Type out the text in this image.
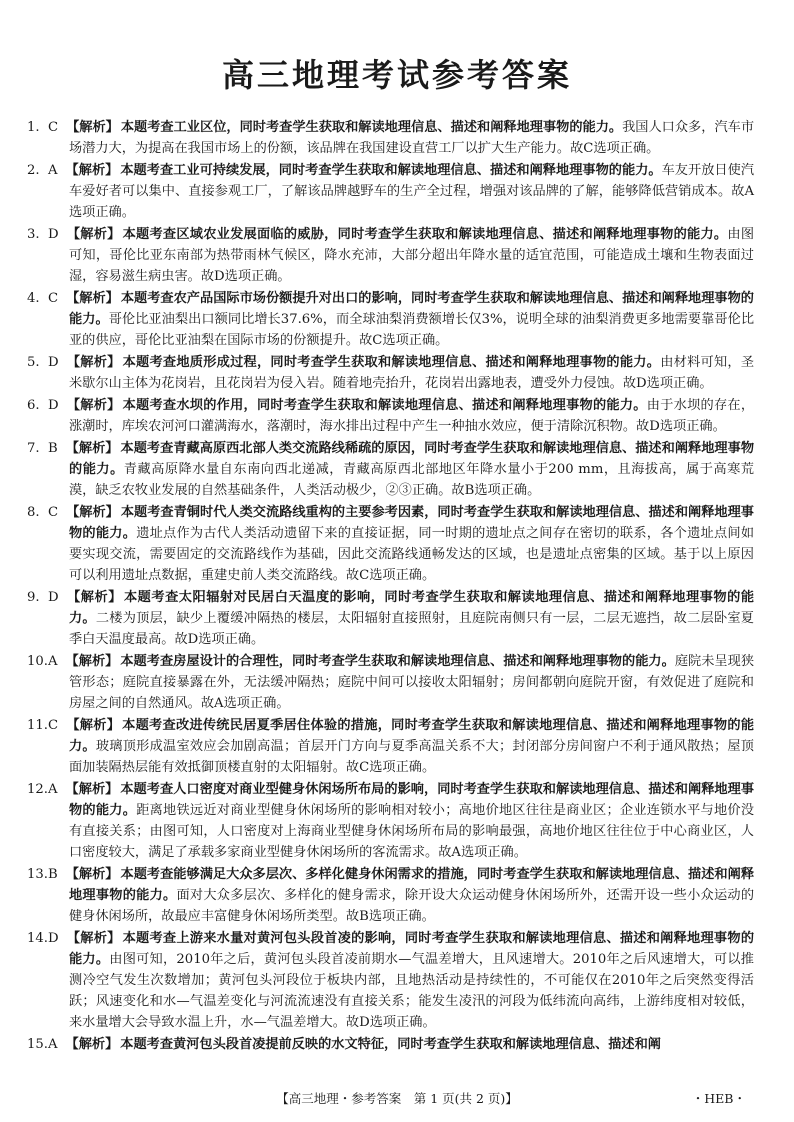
高三地理考试参考答案

1. C 【解析】 本题考查工业区位，同时考查学生获取和解读地理信息、描述和阐释地理事物的能力。我国人口众多，汽车市场潜力大，为提高在我国市场上的份额，该品牌在我国建设直营工厂以扩大生产能力。故C选项正确。

2. A 【解析】 本题考查工业可持续发展，同时考查学生获取和解读地理信息、描述和阐释地理事物的能力。车友开放日使汽车爱好者可以集中、直接参观工厂，了解该品牌越野车的生产全过程，增强对该品牌的了解，能够降低营销成本。故A选项正确。

3. D 【解析】 本题考查区域农业发展面临的威胁，同时考查学生获取和解读地理信息、描述和阐释地理事物的能力。由图可知，哥伦比亚东南部为热带雨林气候区，降水充沛，大部分超出年降水量的适宜范围，可能造成土壤和生物表面过湿，容易滋生病虫害。故D选项正确。

4. C 【解析】 本题考查农产品国际市场份额提升对出口的影响，同时考查学生获取和解读地理信息、描述和阐释地理事物的能力。哥伦比亚油梨出口额同比增长37.6%，而全球油梨消费额增长仅3%，说明全球的油梨消费更多地需要靠哥伦比亚的供应，哥伦比亚油梨在国际市场的份额提升。故C选项正确。

5. D 【解析】 本题考查地质形成过程，同时考查学生获取和解读地理信息、描述和阐释地理事物的能力。由材料可知，圣米歇尔山主体为花岗岩，且花岗岩为侵入岩。随着地壳抬升，花岗岩出露地表，遭受外力侵蚀。故D选项正确。

6. D 【解析】 本题考查水坝的作用，同时考查学生获取和解读地理信息、描述和阐释地理事物的能力。由于水坝的存在，涨潮时，库埃农河河口灌满海水，落潮时，海水排出过程中产生一种抽水效应，便于清除沉积物。故D选项正确。

7. B 【解析】 本题考查青藏高原西北部人类交流路线稀疏的原因，同时考查学生获取和解读地理信息、描述和阐释地理事物的能力。青藏高原降水量自东南向西北递减，青藏高原西北部地区年降水量小于200 mm，且海拔高，属于高寒荒漠，缺乏农牧业发展的自然基础条件，人类活动极少，②③正确。故B选项正确。

8. C 【解析】 本题考查青铜时代人类交流路线重构的主要参考因素，同时考查学生获取和解读地理信息、描述和阐释地理事物的能力。遗址点作为古代人类活动遗留下来的直接证据，同一时期的遗址点之间存在密切的联系，各个遗址点间如要实现交流，需要固定的交流路线作为基础，因此交流路线通畅发达的区域，也是遗址点密集的区域。基于以上原因可以利用遗址点数据，重建史前人类交流路线。故C选项正确。

9. D 【解析】 本题考查太阳辐射对民居白天温度的影响，同时考查学生获取和解读地理信息、描述和阐释地理事物的能力。二楼为顶层，缺少上覆缓冲隔热的楼层，太阳辐射直接照射，且庭院南侧只有一层，二层无遮挡，故二层卧室夏季白天温度最高。故D选项正确。

10.A 【解析】 本题考查房屋设计的合理性，同时考查学生获取和解读地理信息、描述和阐释地理事物的能力。庭院未呈现狭管形态；庭院直接暴露在外，无法缓冲隔热；庭院中间可以接收太阳辐射；房间都朝向庭院开窗，有效促进了庭院和房屋之间的自然通风。故A选项正确。

11.C 【解析】 本题考查改进传统民居夏季居住体验的措施，同时考查学生获取和解读地理信息、描述和阐释地理事物的能力。玻璃顶形成温室效应会加剧高温；首层开门方向与夏季高温关系不大；封闭部分房间窗户不利于通风散热；屋顶面加装隔热层能有效抵御顶楼直射的太阳辐射。故C选项正确。

12.A 【解析】 本题考查人口密度对商业型健身休闲场所布局的影响，同时考查学生获取和解读地理信息、描述和阐释地理事物的能力。距离地铁远近对商业型健身休闲场所的影响相对较小；高地价地区往往是商业区；企业连锁水平与地价没有直接关系；由图可知，人口密度对上海商业型健身休闲场所布局的影响最强，高地价地区往往位于中心商业区，人口密度较大，满足了承载多家商业型健身休闲场所的客流需求。故A选项正确。

13.B 【解析】 本题考查能够满足大众多层次、多样化健身休闲需求的措施，同时考查学生获取和解读地理信息、描述和阐释地理事物的能力。面对大众多层次、多样化的健身需求，除开设大众运动健身休闲场所外，还需开设一些小众运动的健身休闲场所，故最应丰富健身休闲场所类型。故B选项正确。

14.D 【解析】 本题考查上游来水量对黄河包头段首凌的影响，同时考查学生获取和解读地理信息、描述和阐释地理事物的能力。由图可知，2010年之后，黄河包头段首凌前期水—气温差增大，且风速增大。2010年之后风速增大，可以推测冷空气发生次数增加；黄河包头河段位于板块内部，且地热活动是持续性的，不可能仅在2010年之后突然变得活跃；风速变化和水—气温差变化与河流流速没有直接关系；能发生凌汛的河段为低纬流向高纬，上游纬度相对较低，来水量增大会导致水温上升，水—气温差增大。故D选项正确。

15.A 【解析】 本题考查黄河包头段首凌提前反映的水文特征，同时考查学生获取和解读地理信息、描述和阐

【高三地理・参考答案　第 1 页(共 2 页)】	・HEB・
